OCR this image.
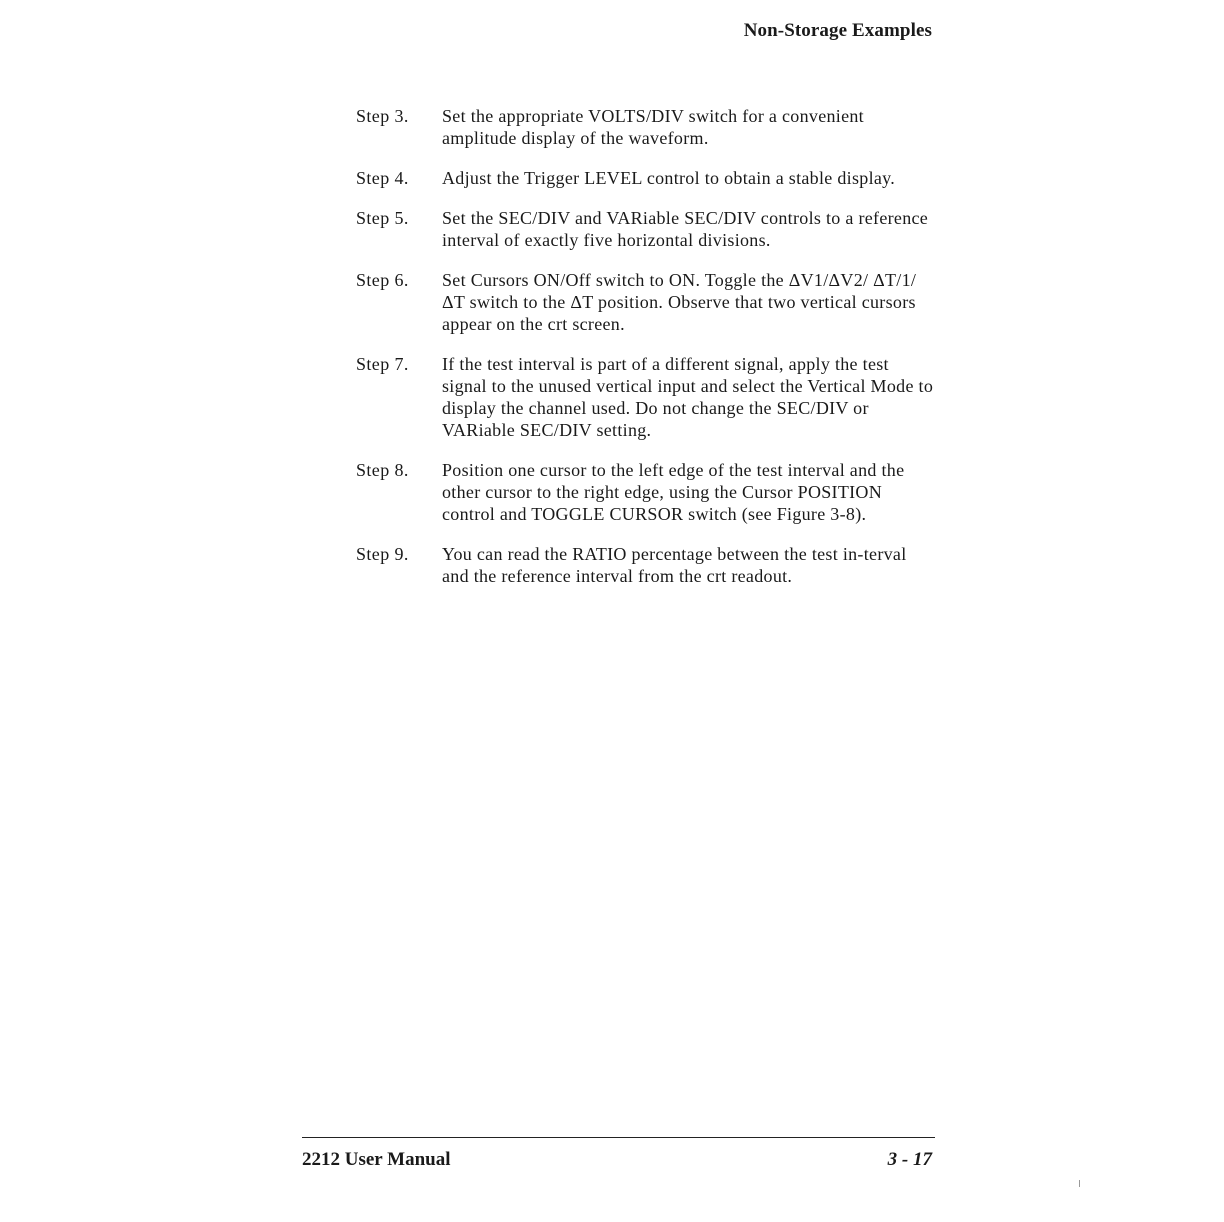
Non-Storage Examples
Step 3.	Set the appropriate VOLTS/DIV switch for a convenient amplitude display of the waveform.
Step 4.	Adjust the Trigger LEVEL control to obtain a stable display.
Step 5.	Set the SEC/DIV and VARiable SEC/DIV controls to a reference interval of exactly five horizontal divisions.
Step 6.	Set Cursors ON/Off switch to ON. Toggle the ΔV1/ΔV2/ ΔT/1/ΔT switch to the ΔT position. Observe that two vertical cursors appear on the crt screen.
Step 7.	If the test interval is part of a different signal, apply the test signal to the unused vertical input and select the Vertical Mode to display the channel used. Do not change the SEC/DIV or VARiable SEC/DIV setting.
Step 8.	Position one cursor to the left edge of the test interval and the other cursor to the right edge, using the Cursor POSITION control and TOGGLE CURSOR switch (see Figure 3-8).
Step 9.	You can read the RATIO percentage between the test in-terval and the reference interval from the crt readout.
2212 User Manual	3 - 17
